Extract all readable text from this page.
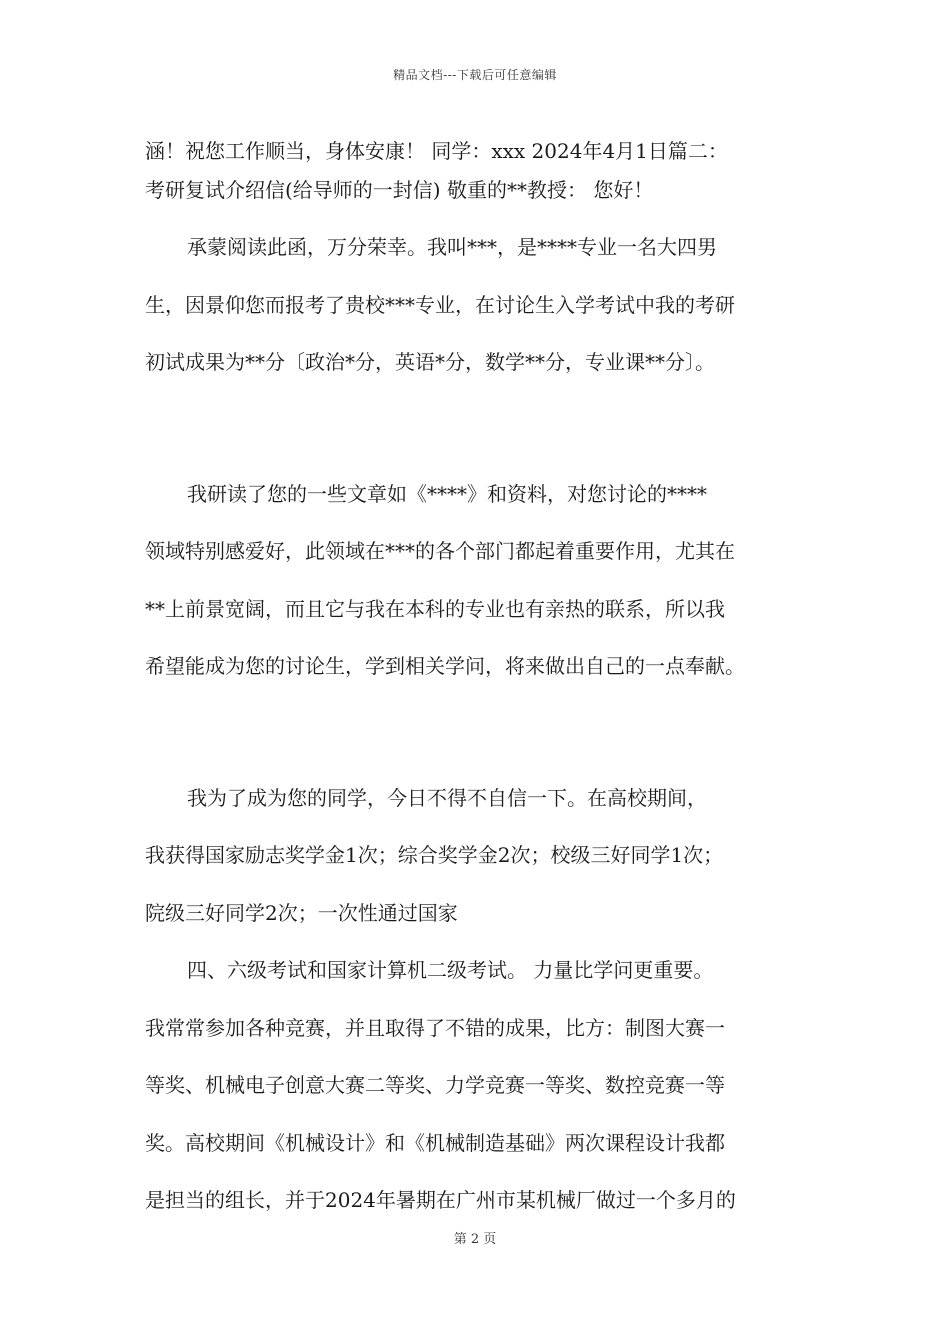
精品文档---下载后可任意编辑
涵！祝您工作顺当，身体安康！ 同学：xxx 2024年4月1日篇二：
考研复试介绍信(给导师的一封信) 敬重的**教授： 您好！
承蒙阅读此函，万分荣幸。我叫***，是****专业一名大四男
生，因景仰您而报考了贵校***专业，在讨论生入学考试中我的考研
初试成果为**分〔政治*分，英语*分，数学**分，专业课**分〕。
我研读了您的一些文章如《****》和资料，对您讨论的****
领域特别感爱好，此领域在***的各个部门都起着重要作用，尤其在
**上前景宽阔，而且它与我在本科的专业也有亲热的联系，所以我
希望能成为您的讨论生，学到相关学问，将来做出自己的一点奉献。
我为了成为您的同学，今日不得不自信一下。在高校期间，
我获得国家励志奖学金1次；综合奖学金2次；校级三好同学1次；
院级三好同学2次；一次性通过国家
四、六级考试和国家计算机二级考试。 力量比学问更重要。
我常常参加各种竞赛，并且取得了不错的成果，比方：制图大赛一
等奖、机械电子创意大赛二等奖、力学竞赛一等奖、数控竞赛一等
奖。高校期间《机械设计》和《机械制造基础》两次课程设计我都
是担当的组长，并于2024年暑期在广州市某机械厂做过一个多月的
第 2 页
